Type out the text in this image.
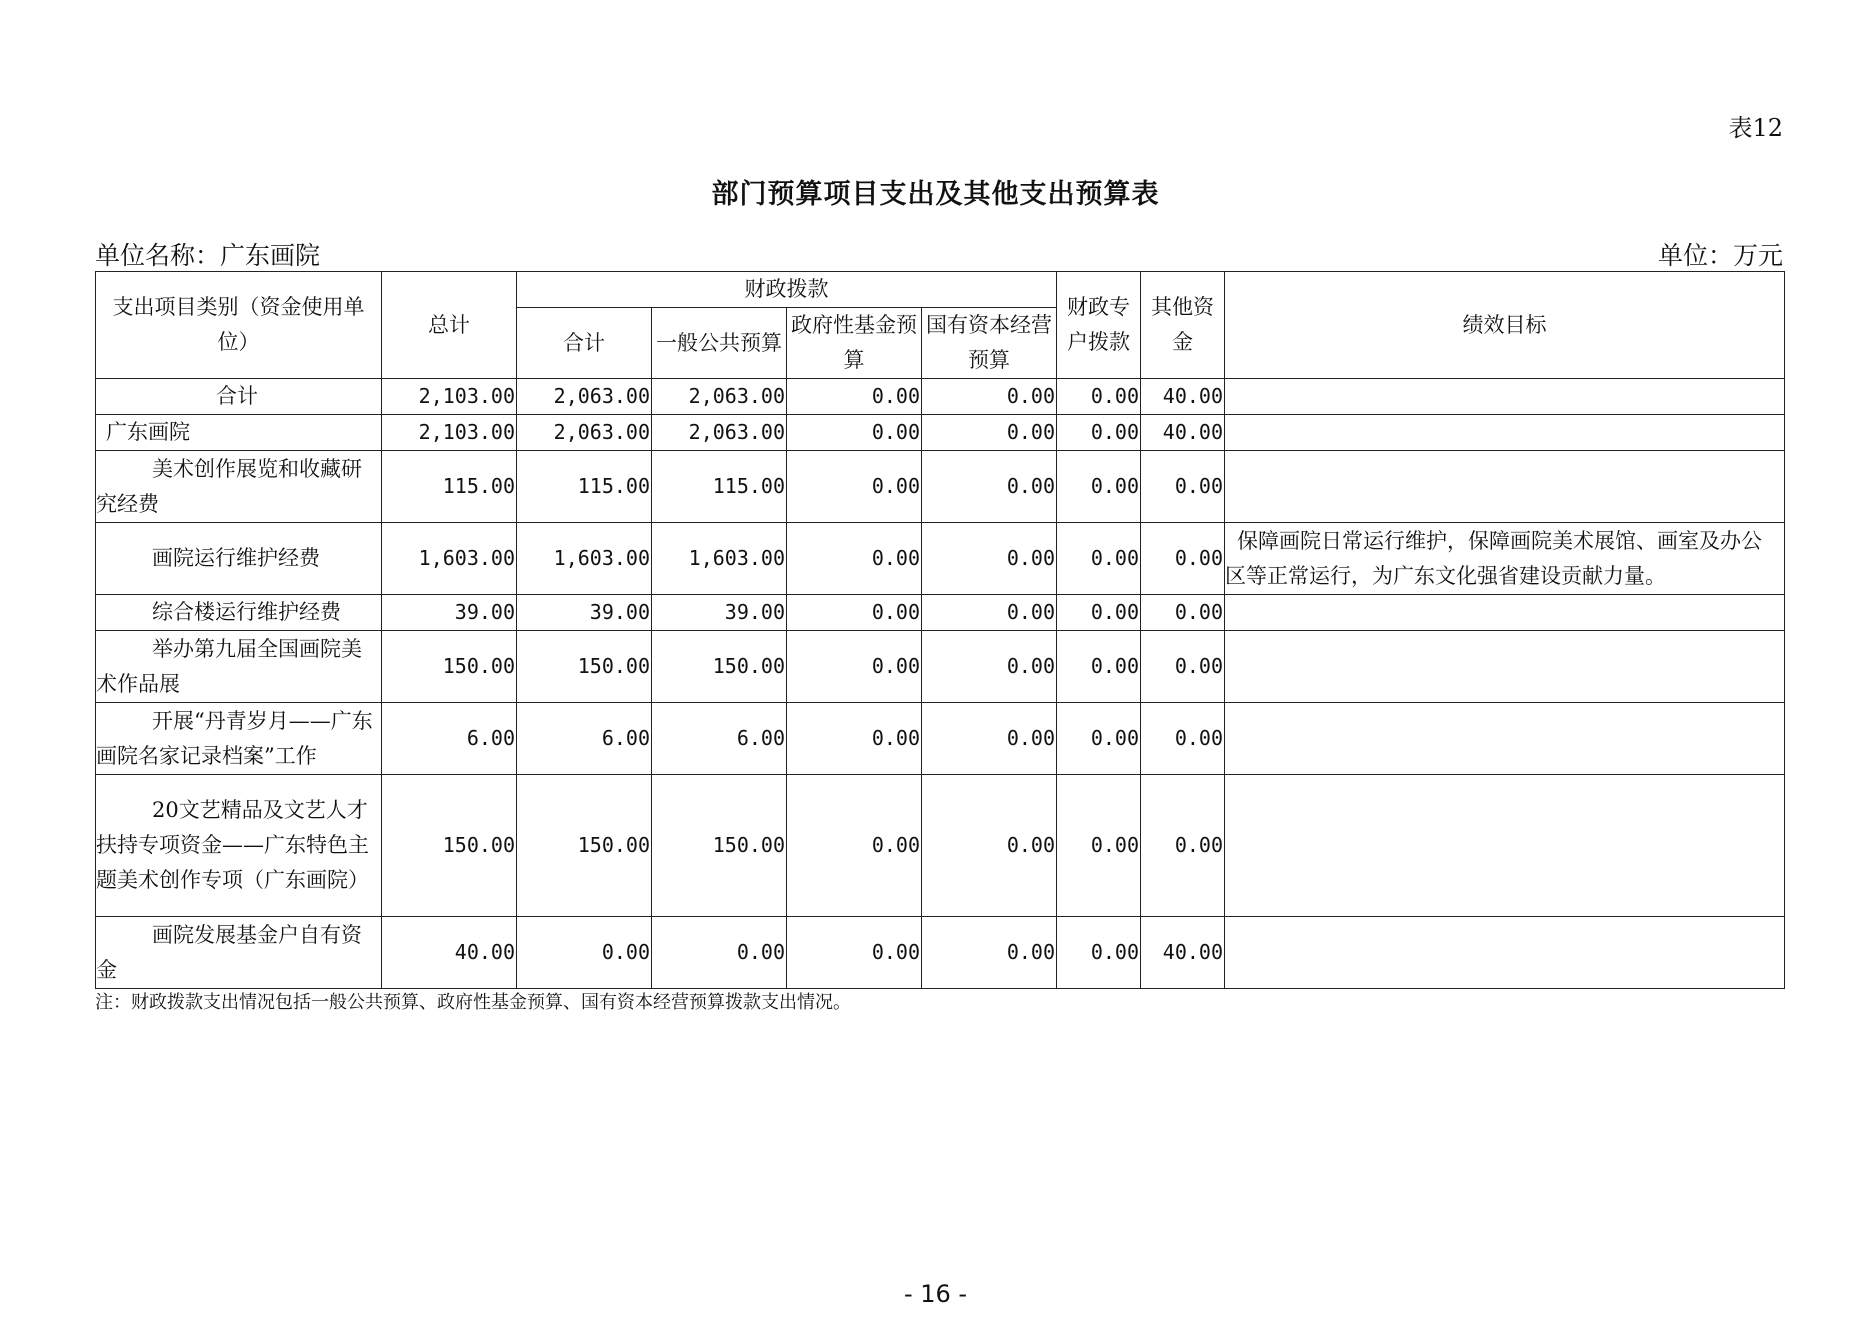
表12
部门预算项目支出及其他支出预算表
单位名称：广东画院	单位：万元
支出项目类别（资金使用单位）	总计	财政拨款				财政专户拨款	其他资金	绩效目标
		合计	一般公共预算	政府性基金预算	国有资本经营预算			
合计	2,103.00	2,063.00	2,063.00	0.00	0.00	0.00	40.00	
广东画院	2,103.00	2,063.00	2,063.00	0.00	0.00	0.00	40.00	
美术创作展览和收藏研究经费	115.00	115.00	115.00	0.00	0.00	0.00	0.00	
画院运行维护经费	1,603.00	1,603.00	1,603.00	0.00	0.00	0.00	0.00	保障画院日常运行维护，保障画院美术展馆、画室及办公区等正常运行，为广东文化强省建设贡献力量。
综合楼运行维护经费	39.00	39.00	39.00	0.00	0.00	0.00	0.00	
举办第九届全国画院美术作品展	150.00	150.00	150.00	0.00	0.00	0.00	0.00	
开展“丹青岁月——广东画院名家记录档案”工作	6.00	6.00	6.00	0.00	0.00	0.00	0.00	
20文艺精品及文艺人才扶持专项资金——广东特色主题美术创作专项（广东画院）	150.00	150.00	150.00	0.00	0.00	0.00	0.00	
画院发展基金户自有资金	40.00	0.00	0.00	0.00	0.00	0.00	40.00	
注：财政拨款支出情况包括一般公共预算、政府性基金预算、国有资本经营预算拨款支出情况。
- 16 -
